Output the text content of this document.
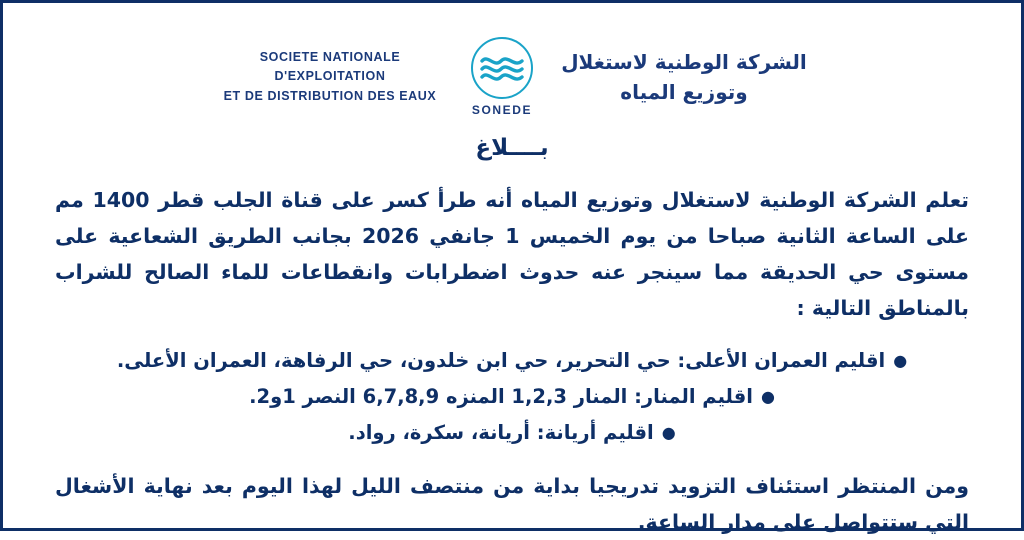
SOCIETE NATIONALE D'EXPLOITATION
ET DE DISTRIBUTION DES EAUX
SONEDE
الشركة الوطنية لاستغلال وتوزيع المياه
بــــلاغ
تعلم الشركة الوطنية لاستغلال وتوزيع المياه أنه طرأ كسر على قناة الجلب قطر 1400 مم على الساعة الثانية صباحا من يوم الخميس 1 جانفي 2026 بجانب الطريق الشعاعية على مستوى حي الحديقة مما سينجر عنه حدوث اضطرابات وانقطاعات للماء الصالح للشراب بالمناطق التالية :
●اقليم العمران الأعلى: حي التحرير، حي ابن خلدون، حي الرفاهة، العمران الأعلى.
●اقليم المنار: المنار 1,2,3 المنزه 6,7,8,9 النصر 1و2.
●اقليم أريانة: أريانة، سكرة، رواد.
ومن المنتظر استئناف التزويد تدريجيا بداية من منتصف الليل لهذا اليوم بعد نهاية الأشغال التي ستتواصل على مدار الساعة.
